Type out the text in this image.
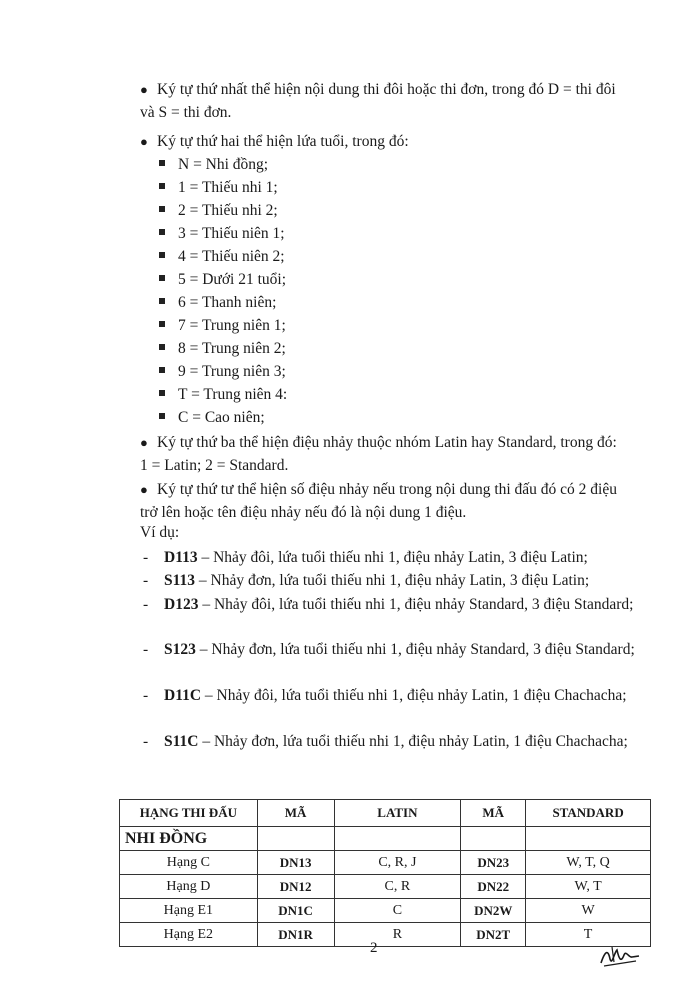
● Ký tự thứ nhất thể hiện nội dung thi đôi hoặc thi đơn, trong đó D = thi đôi
và S = thi đơn.
● Ký tự thứ hai thể hiện lứa tuổi, trong đó:
N = Nhi đồng;
1 = Thiếu nhi 1;
2 = Thiếu nhi 2;
3 = Thiếu niên 1;
4 = Thiếu niên 2;
5 = Dưới 21 tuổi;
6 = Thanh niên;
7 = Trung niên 1;
8 = Trung niên 2;
9 = Trung niên 3;
T = Trung niên 4:
C = Cao niên;
● Ký tự thứ ba thể hiện điệu nhảy thuộc nhóm Latin hay Standard, trong đó:
1 = Latin; 2 = Standard.
● Ký tự thứ tư thể hiện số điệu nhảy nếu trong nội dung thi đấu đó có 2 điệu
trở lên hoặc tên điệu nhảy nếu đó là nội dung 1 điệu.
Ví dụ:
-	D113 – Nhảy đôi, lứa tuổi thiếu nhi 1, điệu nhảy Latin, 3 điệu Latin;
-	S113 – Nhảy đơn, lứa tuổi thiếu nhi 1, điệu nhảy Latin, 3 điệu Latin;
-	D123 – Nhảy đôi, lứa tuổi thiếu nhi 1, điệu nhảy Standard, 3 điệu Standard;
-	S123 – Nhảy đơn, lứa tuổi thiếu nhi 1, điệu nhảy Standard, 3 điệu Standard;
-	D11C – Nhảy đôi, lứa tuổi thiếu nhi 1, điệu nhảy Latin, 1 điệu Chachacha;
-	S11C – Nhảy đơn, lứa tuổi thiếu nhi 1, điệu nhảy Latin, 1 điệu Chachacha;
HẠNG THI ĐẤU	MÃ	LATIN	MÃ	STANDARD
NHI ĐỒNG				
Hạng C	DN13	C, R, J	DN23	W, T, Q
Hạng D	DN12	C, R	DN22	W, T
Hạng E1	DN1C	C	DN2W	W
Hạng E2	DN1R	R	DN2T	T
2
